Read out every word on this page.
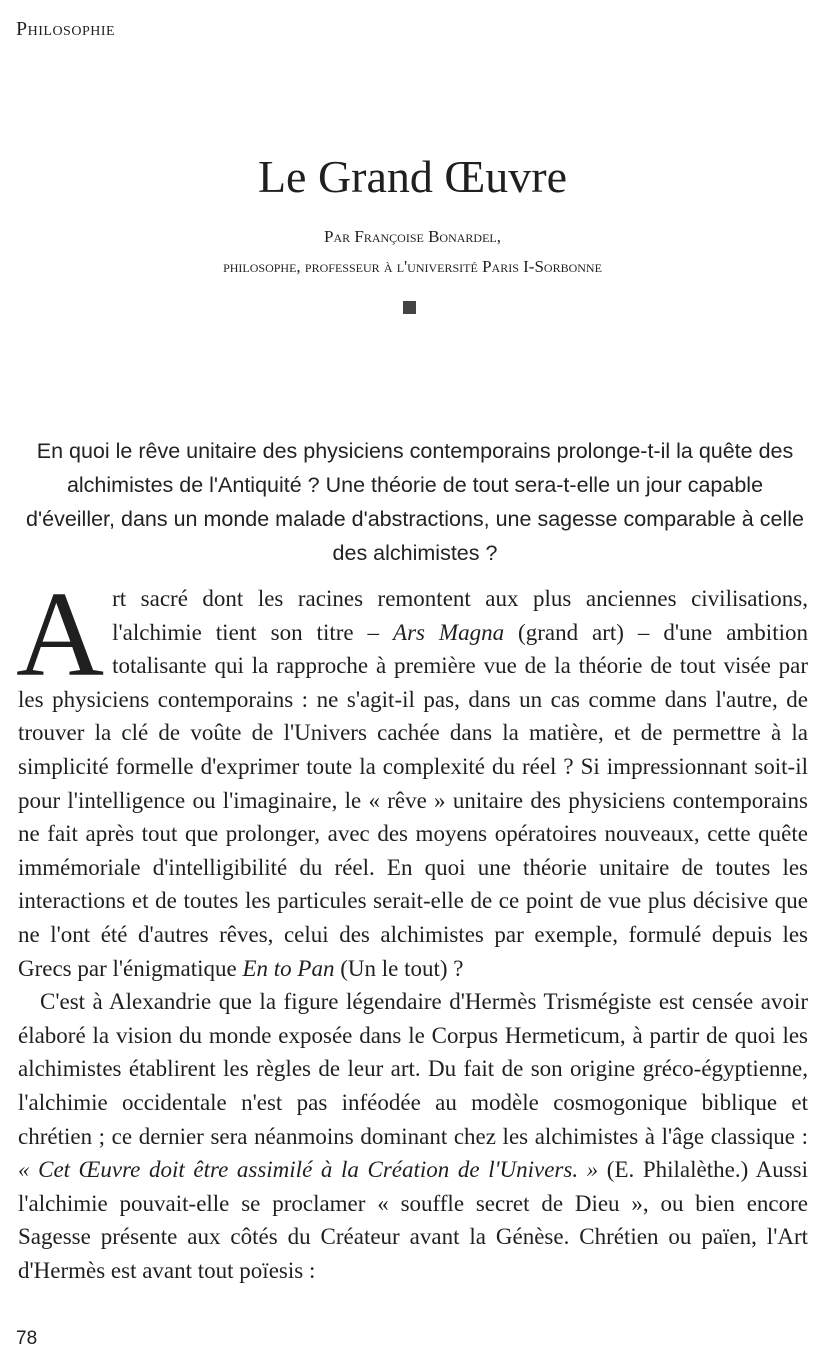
Philosophie
Le Grand Œuvre
Par Françoise Bonardel,
philosophe, professeur à l'université Paris I-Sorbonne
En quoi le rêve unitaire des physiciens contemporains prolonge-t-il la quête des alchimistes de l'Antiquité ? Une théorie de tout sera-t-elle un jour capable d'éveiller, dans un monde malade d'abstractions, une sagesse comparable à celle des alchimistes ?

Art sacré dont les racines remontent aux plus anciennes civilisations, l'alchimie tient son titre – Ars Magna (grand art) – d'une ambition totalisante qui la rapproche à première vue de la théorie de tout visée par les physiciens contemporains : ne s'agit-il pas, dans un cas comme dans l'autre, de trouver la clé de voûte de l'Univers cachée dans la matière, et de permettre à la simplicité formelle d'exprimer toute la complexité du réel ? Si impressionnant soit-il pour l'intelligence ou l'imaginaire, le « rêve » unitaire des physiciens contemporains ne fait après tout que prolonger, avec des moyens opératoires nouveaux, cette quête immémoriale d'intelligibilité du réel. En quoi une théorie unitaire de toutes les interactions et de toutes les particules serait-elle de ce point de vue plus décisive que ne l'ont été d'autres rêves, celui des alchimistes par exemple, formulé depuis les Grecs par l'énigmatique En to Pan (Un le tout) ?

C'est à Alexandrie que la figure légendaire d'Hermès Trismégiste est censée avoir élaboré la vision du monde exposée dans le Corpus Hermeticum, à partir de quoi les alchimistes établirent les règles de leur art. Du fait de son origine gréco-égyptienne, l'alchimie occidentale n'est pas inféodée au modèle cosmogonique biblique et chrétien ; ce dernier sera néanmoins dominant chez les alchimistes à l'âge classique : « Cet Œuvre doit être assimilé à la Création de l'Univers. » (E. Philalèthe.) Aussi l'alchimie pouvait-elle se proclamer « souffle secret de Dieu », ou bien encore Sagesse présente aux côtés du Créateur avant la Génèse. Chrétien ou païen, l'Art d'Hermès est avant tout poïesis :

78
